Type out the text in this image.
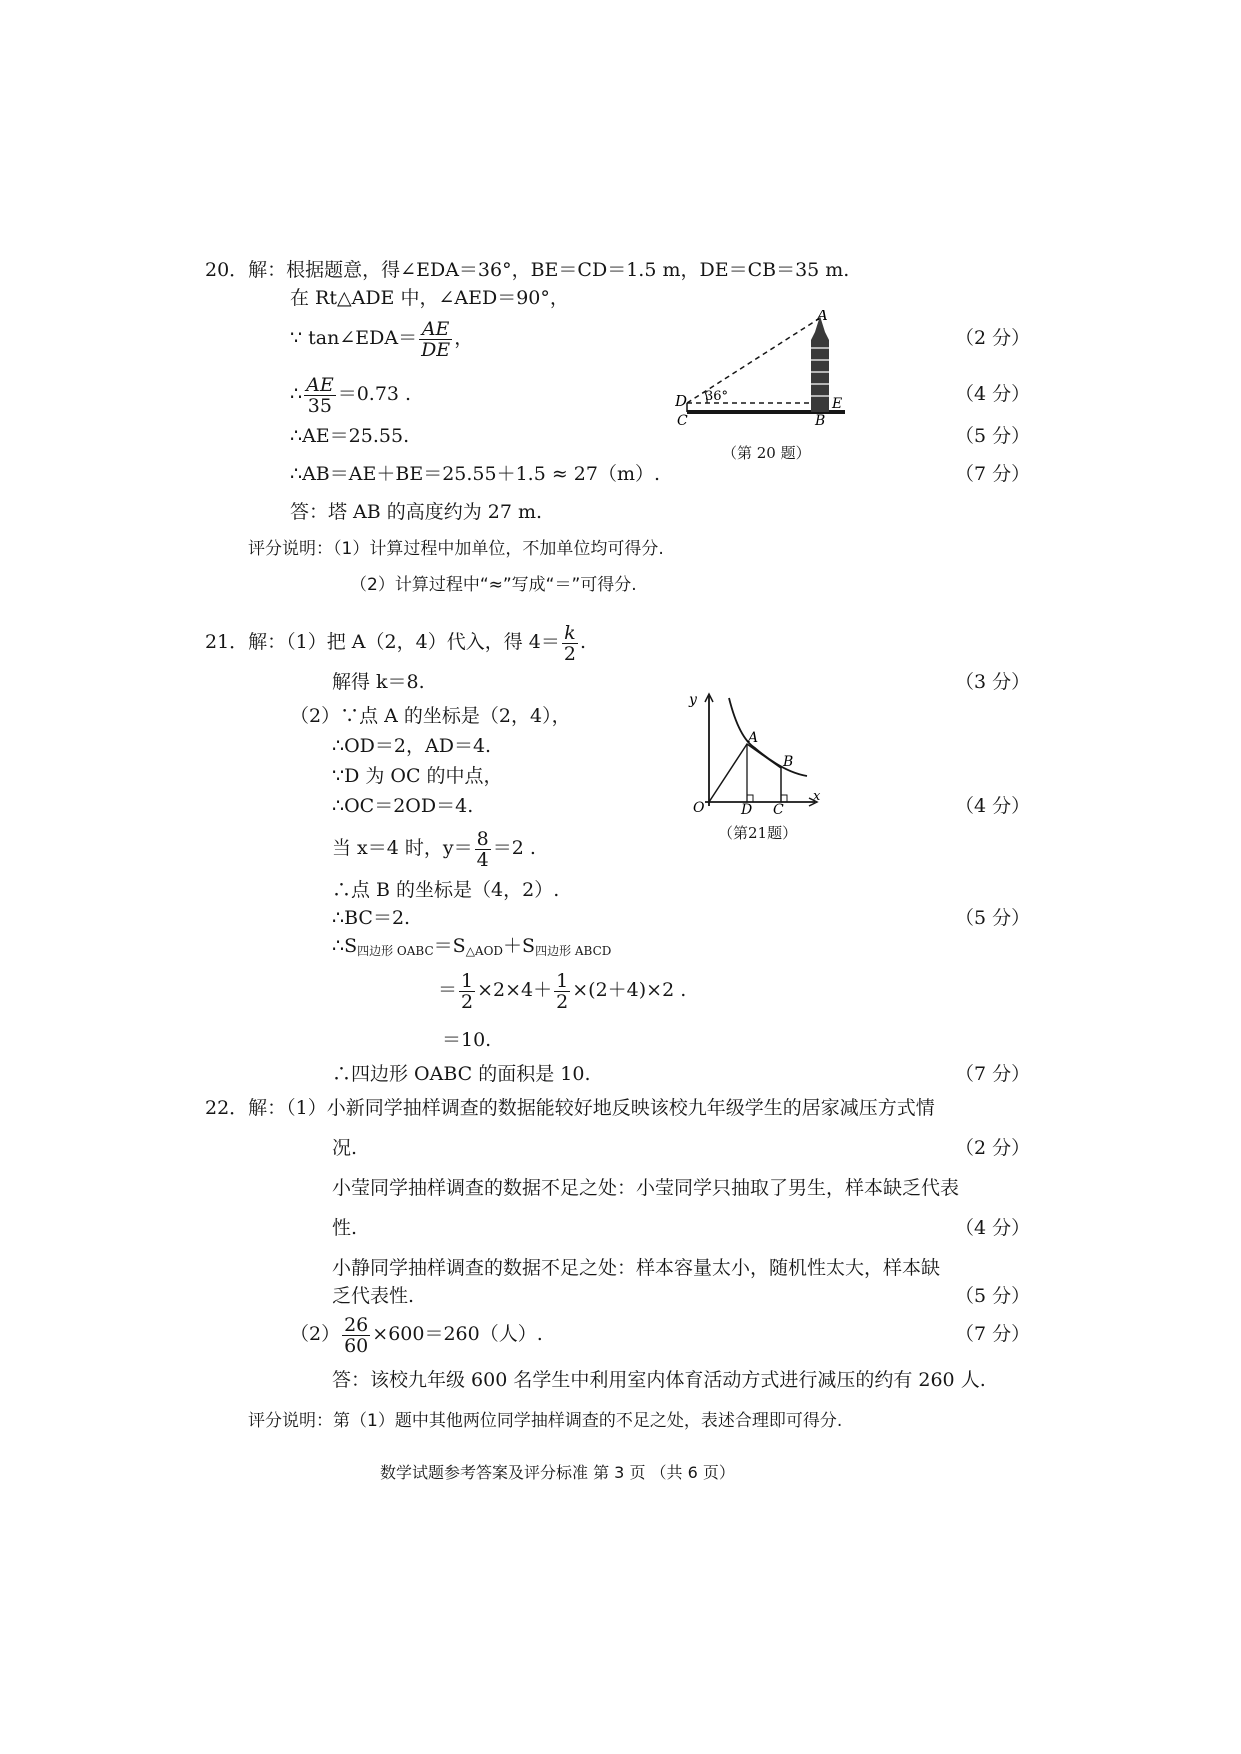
20．解：根据题意，得∠EDA＝36°，BE＝CD＝1.5 m，DE＝CB＝35 m.
在 Rt△ADE 中，∠AED＝90°，
∵ tan∠EDA＝ $\frac{AE}{DE}$ ，	（2 分）
∴ $\frac{AE}{35} =0.73$ .	（4 分）
∴AE＝25.55.	（5 分）
∴AB＝AE＋BE＝25.55＋1.5 ≈ 27（m）.	（7 分）
答：塔 AB 的高度约为 27 m.
评分说明：（1）计算过程中加单位，不加单位均可得分.
（2）计算过程中“≈”写成“＝”可得分.
A
D
C
E
B
36°
（第 20 题）
21．解：（1）把 A（2，4）代入，得 $4= \frac{k}{2}$ .
解得 k＝8.	（3 分）
（2）∵点 A 的坐标是（2，4），
∴OD＝2，AD＝4.
∵D 为 OC 的中点，
∴OC＝2OD＝4.	（4 分）
当 x＝4 时，$y= \frac{8}{4} =2$ .
∴点 B 的坐标是（4，2）.
∴BC＝2.	（5 分）
$\therefore S_{四边形 OABC}=S_{\triangle AOD}+S_{四边形 ABCD}$
＝ $\frac{1}{2} \times 2\times 4+ \frac{1}{2} \times(2+4)\times 2$ .
＝10.
∴四边形 OABC 的面积是 10.	（7 分）
y
x
O
A
B
D C
（第21题）
22．解：（1）小新同学抽样调查的数据能较好地反映该校九年级学生的居家减压方式情
况.	（2 分）
小莹同学抽样调查的数据不足之处：小莹同学只抽取了男生，样本缺乏代表
性.	（4 分）
小静同学抽样调查的数据不足之处：样本容量太小，随机性太大，样本缺
乏代表性.	（5 分）
$(2) \frac{26}{60} \times 600=260$（人）.	（7 分）
答：该校九年级 600 名学生中利用室内体育活动方式进行减压的约有 260 人.
评分说明：第（1）题中其他两位同学抽样调查的不足之处，表述合理即可得分.
数学试题参考答案及评分标准 第 3 页 （共 6 页）
